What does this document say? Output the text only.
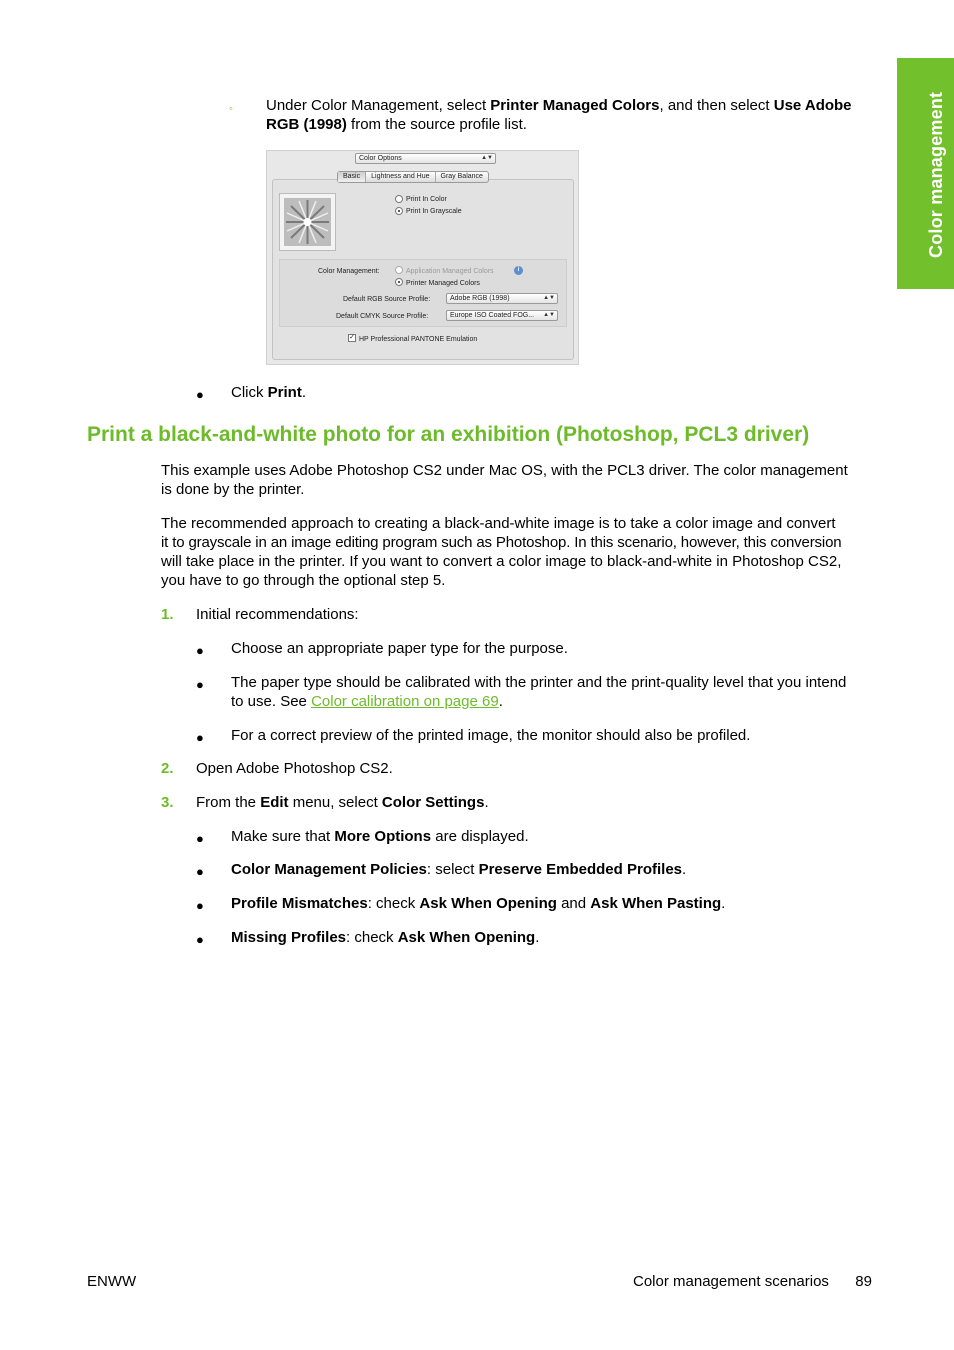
Color management
◦ Under Color Management, select Printer Managed Colors, and then select Use Adobe
RGB (1998) from the source profile list.
Color Options	▲▼
Basic	Lightness and Hue	Gray Balance
Print In Color
Print In Grayscale
Color Management:	Application Managed Colors	i
Printer Managed Colors
Default RGB Source Profile:	Adobe RGB (1998)	▲▼
Default CMYK Source Profile:	Europe ISO Coated FOG... ▲▼
✓ HP Professional PANTONE Emulation
● Click Print.
Print a black-and-white photo for an exhibition (Photoshop, PCL3 driver)
This example uses Adobe Photoshop CS2 under Mac OS, with the PCL3 driver. The color management
is done by the printer.
The recommended approach to creating a black-and-white image is to take a color image and convert
it to grayscale in an image editing program such as Photoshop. In this scenario, however, this conversion
will take place in the printer. If you want to convert a color image to black-and-white in Photoshop CS2,
you have to go through the optional step 5.
1. Initial recommendations:
● Choose an appropriate paper type for the purpose.
● The paper type should be calibrated with the printer and the print-quality level that you intend
to use. See Color calibration on page 69.
● For a correct preview of the printed image, the monitor should also be profiled.
2. Open Adobe Photoshop CS2.
3. From the Edit menu, select Color Settings.
● Make sure that More Options are displayed.
● Color Management Policies: select Preserve Embedded Profiles.
● Profile Mismatches: check Ask When Opening and Ask When Pasting.
● Missing Profiles: check Ask When Opening.
ENWW	Color management scenarios 89
